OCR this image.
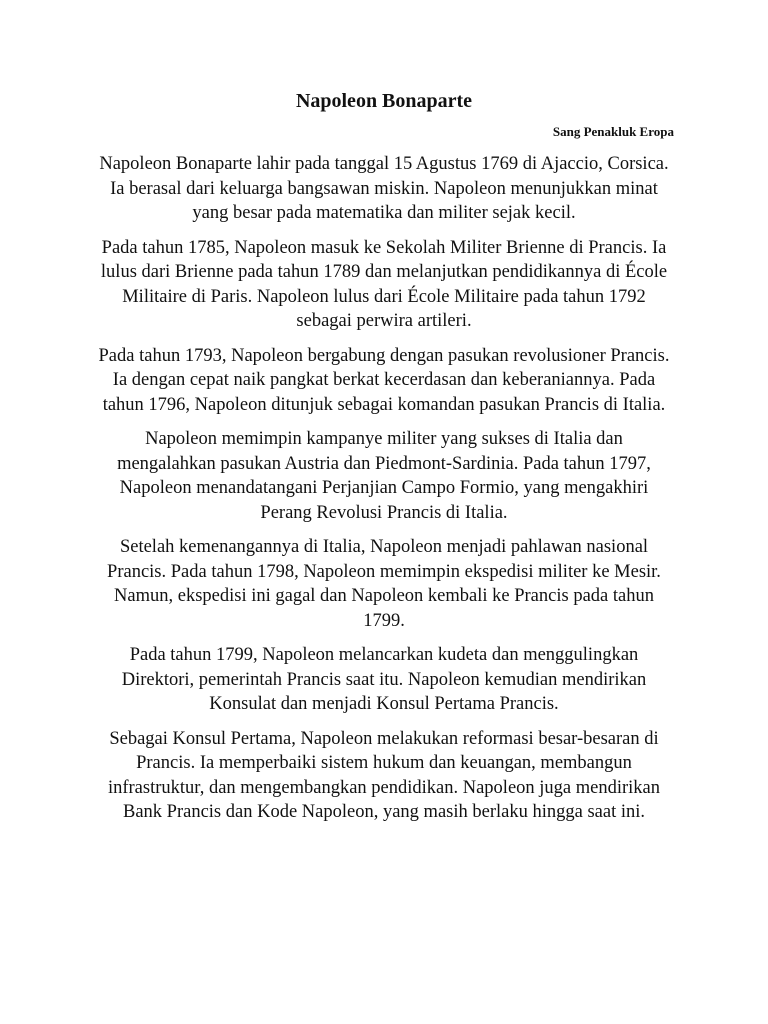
Napoleon Bonaparte
Sang Penakluk Eropa

Napoleon Bonaparte lahir pada tanggal 15 Agustus 1769 di Ajaccio, Corsica. Ia berasal dari keluarga bangsawan miskin. Napoleon menunjukkan minat yang besar pada matematika dan militer sejak kecil.

Pada tahun 1785, Napoleon masuk ke Sekolah Militer Brienne di Prancis. Ia lulus dari Brienne pada tahun 1789 dan melanjutkan pendidikannya di École Militaire di Paris. Napoleon lulus dari École Militaire pada tahun 1792 sebagai perwira artileri.

Pada tahun 1793, Napoleon bergabung dengan pasukan revolusioner Prancis. Ia dengan cepat naik pangkat berkat kecerdasan dan keberaniannya. Pada tahun 1796, Napoleon ditunjuk sebagai komandan pasukan Prancis di Italia.

Napoleon memimpin kampanye militer yang sukses di Italia dan mengalahkan pasukan Austria dan Piedmont-Sardinia. Pada tahun 1797, Napoleon menandatangani Perjanjian Campo Formio, yang mengakhiri Perang Revolusi Prancis di Italia.

Setelah kemenangannya di Italia, Napoleon menjadi pahlawan nasional Prancis. Pada tahun 1798, Napoleon memimpin ekspedisi militer ke Mesir. Namun, ekspedisi ini gagal dan Napoleon kembali ke Prancis pada tahun 1799.

Pada tahun 1799, Napoleon melancarkan kudeta dan menggulingkan Direktori, pemerintah Prancis saat itu. Napoleon kemudian mendirikan Konsulat dan menjadi Konsul Pertama Prancis.

Sebagai Konsul Pertama, Napoleon melakukan reformasi besar-besaran di Prancis. Ia memperbaiki sistem hukum dan keuangan, membangun infrastruktur, dan mengembangkan pendidikan. Napoleon juga mendirikan Bank Prancis dan Kode Napoleon, yang masih berlaku hingga saat ini.
